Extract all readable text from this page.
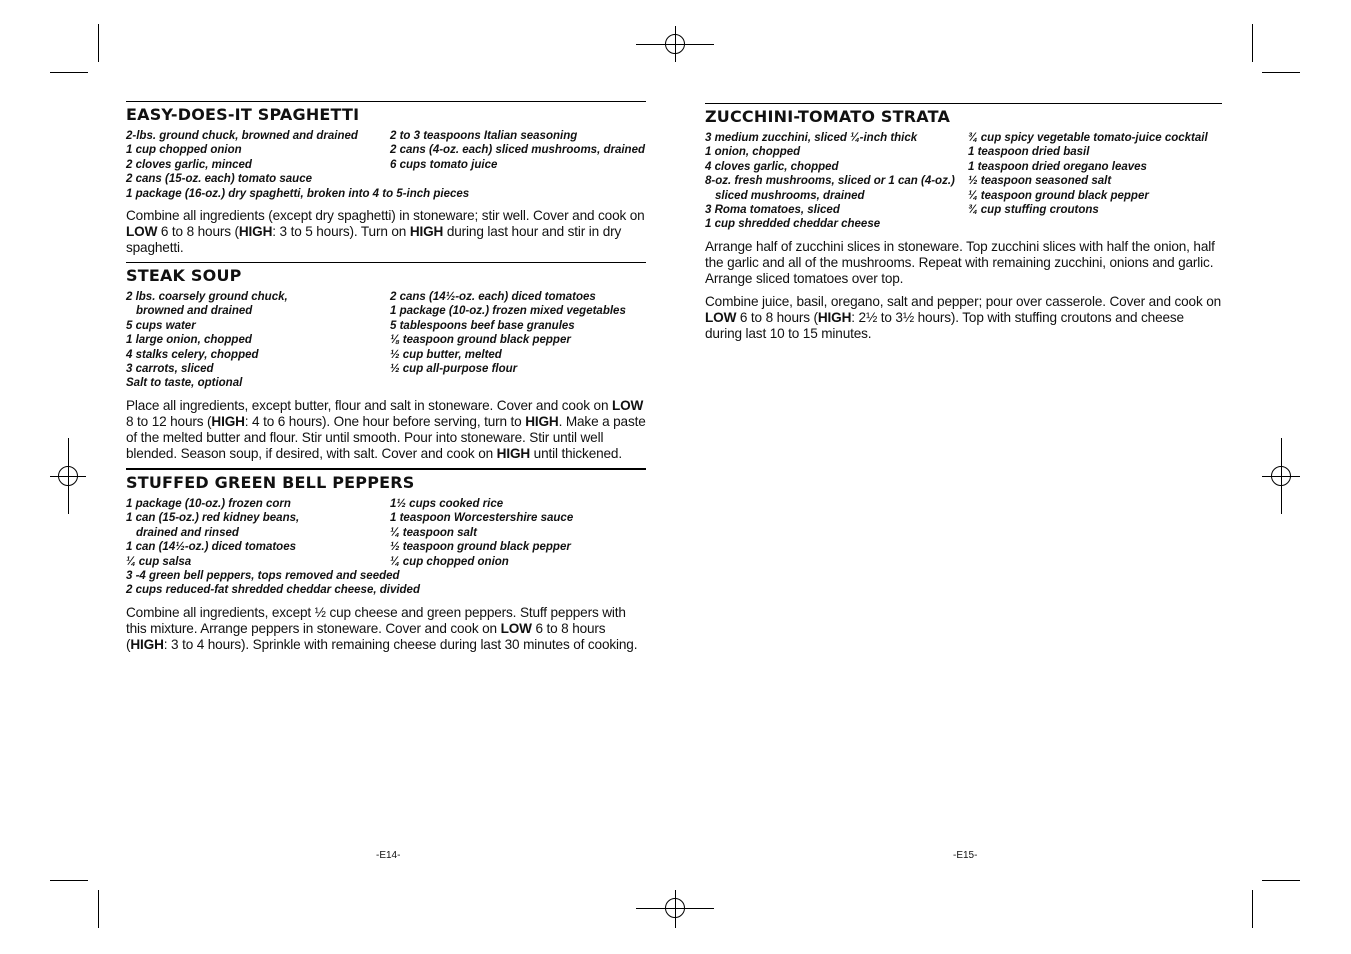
EASY-DOES-IT SPAGHETTI
2-lbs. ground chuck, browned and drained	2 to 3 teaspoons Italian seasoning
1 cup chopped onion	2 cans (4-oz. each) sliced mushrooms, drained
2 cloves garlic, minced	6 cups tomato juice
2 cans (15-oz. each) tomato sauce
1 package (16-oz.) dry spaghetti, broken into 4 to 5-inch pieces
Combine all ingredients (except dry spaghetti) in stoneware; stir well. Cover and cook on LOW 6 to 8 hours (HIGH: 3 to 5 hours). Turn on HIGH during last hour and stir in dry spaghetti.
STEAK SOUP
2 lbs. coarsely ground chuck,	2 cans (14½-oz. each) diced tomatoes
browned and drained	1 package (10-oz.) frozen mixed vegetables
5 cups water	5 tablespoons beef base granules
1 large onion, chopped	⅛ teaspoon ground black pepper
4 stalks celery, chopped	½ cup butter, melted
3 carrots, sliced	½ cup all-purpose flour
Salt to taste, optional
Place all ingredients, except butter, flour and salt in stoneware. Cover and cook on LOW 8 to 12 hours (HIGH: 4 to 6 hours). One hour before serving, turn to HIGH. Make a paste of the melted butter and flour. Stir until smooth. Pour into stoneware. Stir until well blended. Season soup, if desired, with salt. Cover and cook on HIGH until thickened.
STUFFED GREEN BELL PEPPERS
1 package (10-oz.) frozen corn	1½ cups cooked rice
1 can (15-oz.) red kidney beans,	1 teaspoon Worcestershire sauce
drained and rinsed	¼ teaspoon salt
1 can (14½-oz.) diced tomatoes	½ teaspoon ground black pepper
¼ cup salsa	¼ cup chopped onion
3 -4 green bell peppers, tops removed and seeded
2 cups reduced-fat shredded cheddar cheese, divided
Combine all ingredients, except ½ cup cheese and green peppers. Stuff peppers with this mixture. Arrange peppers in stoneware. Cover and cook on LOW 6 to 8 hours (HIGH: 3 to 4 hours). Sprinkle with remaining cheese during last 30 minutes of cooking.
-E14-
ZUCCHINI-TOMATO STRATA
3 medium zucchini, sliced ¼-inch thick	¾ cup spicy vegetable tomato-juice cocktail
1 onion, chopped	1 teaspoon dried basil
4 cloves garlic, chopped	1 teaspoon dried oregano leaves
8-oz. fresh mushrooms, sliced or 1 can (4-oz.)	½ teaspoon seasoned salt
sliced mushrooms, drained	¼ teaspoon ground black pepper
3 Roma tomatoes, sliced	¾ cup stuffing croutons
1 cup shredded cheddar cheese
Arrange half of zucchini slices in stoneware. Top zucchini slices with half the onion, half the garlic and all of the mushrooms. Repeat with remaining zucchini, onions and garlic. Arrange sliced tomatoes over top.
Combine juice, basil, oregano, salt and pepper; pour over casserole. Cover and cook on LOW 6 to 8 hours (HIGH: 2½ to 3½ hours). Top with stuffing croutons and cheese during last 10 to 15 minutes.
-E15-
